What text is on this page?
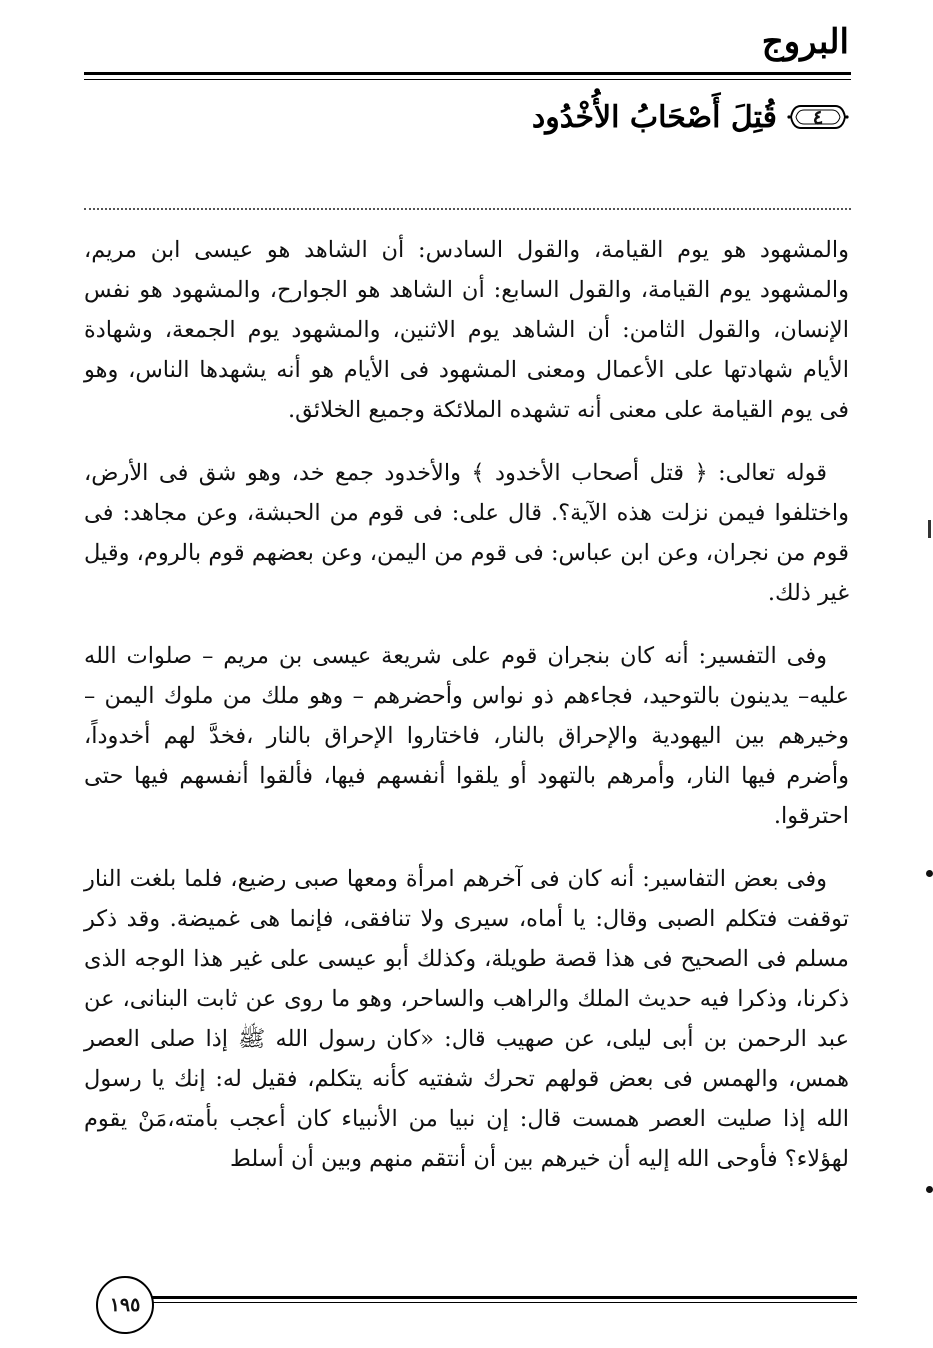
البروج
قُتِلَ أَصْحَابُ الأُخْدُود ٤

والمشهود هو يوم القيامة، والقول السادس: أن الشاهد هو عيسى ابن مريم، والمشهود يوم القيامة، والقول السابع: أن الشاهد هو الجوارح، والمشهود هو نفس الإنسان، والقول الثامن: أن الشاهد يوم الاثنين، والمشهود يوم الجمعة، وشهادة الأيام شهادتها على الأعمال ومعنى المشهود فى الأيام هو أنه يشهدها الناس، وهو فى يوم القيامة على معنى أنه تشهده الملائكة وجميع الخلائق.

قوله تعالى: ﴿ قتل أصحاب الأخدود ﴾ والأخدود جمع خد، وهو شق فى الأرض، واختلفوا فيمن نزلت هذه الآية؟. قال على: فى قوم من الحبشة، وعن مجاهد: فى قوم من نجران، وعن ابن عباس: فى قوم من اليمن، وعن بعضهم قوم بالروم، وقيل غير ذلك.

وفى التفسير: أنه كان بنجران قوم على شريعة عيسى بن مريم – صلوات الله عليه– يدينون بالتوحيد، فجاءهم ذو نواس وأحضرهم – وهو ملك من ملوك اليمن – وخيرهم بين اليهودية والإحراق بالنار، فاختاروا الإحراق بالنار ،فخدَّ لهم أخدوداً، وأضرم فيها النار، وأمرهم بالتهود أو يلقوا أنفسهم فيها، فألقوا أنفسهم فيها حتى احترقوا.

وفى بعض التفاسير: أنه كان فى آخرهم امرأة ومعها صبى رضيع، فلما بلغت النار توقفت فتكلم الصبى وقال: يا أماه، سيرى ولا تنافقى، فإنما هى غميضة. وقد ذكر مسلم فى الصحيح فى هذا قصة طويلة، وكذلك أبو عيسى على غير هذا الوجه الذى ذكرنا، وذكرا فيه حديث الملك والراهب والساحر، وهو ما روى عن ثابت البنانى، عن عبد الرحمن بن أبى ليلى، عن صهيب قال: «كان رسول الله ﷺ إذا صلى العصر همس، والهمس فى بعض قولهم تحرك شفتيه كأنه يتكلم، فقيل له: إنك يا رسول الله إذا صليت العصر همست قال: إن نبيا من الأنبياء كان أعجب بأمته،مَنْ يقوم لهؤلاء؟ فأوحى الله إليه أن خيرهم بين أن أنتقم منهم وبين أن أسلط

١٩٥
